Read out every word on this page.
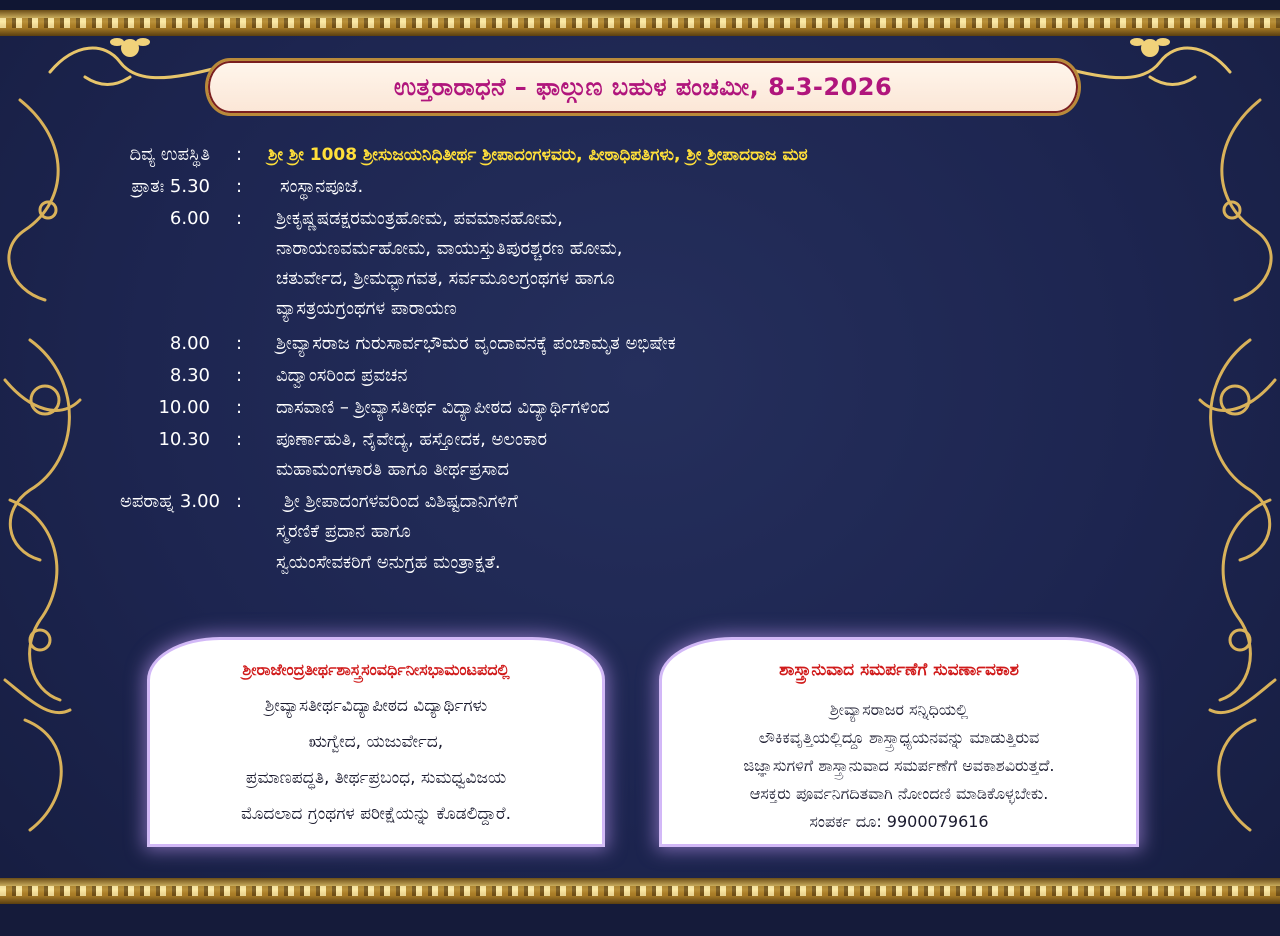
ಉತ್ತರಾರಾಧನೆ – ಫಾಲ್ಗುಣ ಬಹುಳ ಪಂಚಮೀ, 8-3-2026
ದಿವ್ಯ ಉಪಸ್ಥಿತಿ : ಶ್ರೀ ಶ್ರೀ 1008 ಶ್ರೀಸುಜಯನಿಧಿತೀರ್ಥ ಶ್ರೀಪಾದಂಗಳವರು, ಪೀಠಾಧಿಪತಿಗಳು, ಶ್ರೀ ಶ್ರೀಪಾದರಾಜ ಮಠ
ಪ್ರಾತಃ 5.30 : ಸಂಸ್ಥಾನಪೂಜೆ.
6.00 : ಶ್ರೀಕೃಷ್ಣಷಡಕ್ಷರಮಂತ್ರಹೋಮ, ಪವಮಾನಹೋಮ,
ನಾರಾಯಣವರ್ಮಹೋಮ, ವಾಯುಸ್ತುತಿಪುರಶ್ಚರಣ ಹೋಮ,
ಚತುರ್ವೇದ, ಶ್ರೀಮದ್ಭಾಗವತ, ಸರ್ವಮೂಲಗ್ರಂಥಗಳ ಹಾಗೂ
ವ್ಯಾಸತ್ರಯಗ್ರಂಥಗಳ ಪಾರಾಯಣ
8.00 : ಶ್ರೀವ್ಯಾಸರಾಜ ಗುರುಸಾರ್ವಭೌಮರ ವೃಂದಾವನಕ್ಕೆ ಪಂಚಾಮೃತ ಅಭಿಷೇಕ
8.30 : ವಿದ್ವಾಂಸರಿಂದ ಪ್ರವಚನ
10.00 : ದಾಸವಾಣಿ – ಶ್ರೀವ್ಯಾಸತೀರ್ಥ ವಿದ್ಯಾಪೀಠದ ವಿದ್ಯಾರ್ಥಿಗಳಿಂದ
10.30 : ಪೂರ್ಣಾಹುತಿ, ನೈವೇದ್ಯ, ಹಸ್ತೋದಕ, ಅಲಂಕಾರ
ಮಹಾಮಂಗಳಾರತಿ ಹಾಗೂ ತೀರ್ಥಪ್ರಸಾದ
ಅಪರಾಹ್ನ 3.00 : ಶ್ರೀ ಶ್ರೀಪಾದಂಗಳವರಿಂದ ವಿಶಿಷ್ಟದಾನಿಗಳಿಗೆ
ಸ್ಮರಣಿಕೆ ಪ್ರದಾನ ಹಾಗೂ
ಸ್ವಯಂಸೇವಕರಿಗೆ ಅನುಗ್ರಹ ಮಂತ್ರಾಕ್ಷತೆ.
ಶ್ರೀರಾಜೇಂದ್ರತೀರ್ಥಶಾಸ್ತ್ರಸಂವರ್ಧಿನೀಸಭಾಮಂಟಪದಲ್ಲಿ
ಶ್ರೀವ್ಯಾಸತೀರ್ಥವಿದ್ಯಾಪೀಠದ ವಿದ್ಯಾರ್ಥಿಗಳು
ಋಗ್ವೇದ, ಯಜುರ್ವೇದ,
ಪ್ರಮಾಣಪದ್ಧತಿ, ತೀರ್ಥಪ್ರಬಂಧ, ಸುಮಧ್ವವಿಜಯ
ಮೊದಲಾದ ಗ್ರಂಥಗಳ ಪರೀಕ್ಷೆಯನ್ನು ಕೊಡಲಿದ್ದಾರೆ.
ಶಾಸ್ತ್ರಾನುವಾದ ಸಮರ್ಪಣೆಗೆ ಸುವರ್ಣಾವಕಾಶ
ಶ್ರೀವ್ಯಾಸರಾಜರ ಸನ್ನಿಧಿಯಲ್ಲಿ
ಲೌಕಿಕವೃತ್ತಿಯಲ್ಲಿದ್ದೂ ಶಾಸ್ತ್ರಾಧ್ಯಯನವನ್ನು ಮಾಡುತ್ತಿರುವ
ಜಿಜ್ಞಾಸುಗಳಿಗೆ ಶಾಸ್ತ್ರಾನುವಾದ ಸಮರ್ಪಣೆಗೆ ಅವಕಾಶವಿರುತ್ತದೆ.
ಆಸಕ್ತರು ಪೂರ್ವನಿಗದಿತವಾಗಿ ನೋಂದಣಿ ಮಾಡಿಕೊಳ್ಳಬೇಕು.
ಸಂಪರ್ಕ ದೂ: 9900079616
